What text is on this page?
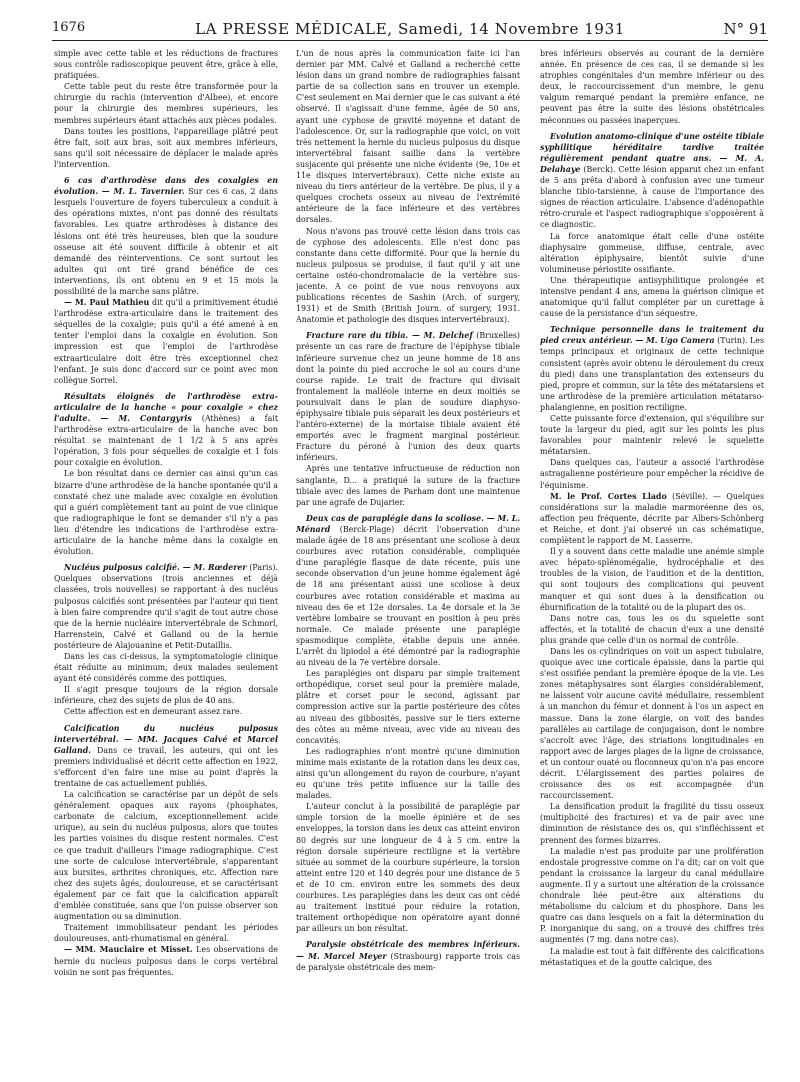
1676	LA PRESSE MÉDICALE, Samedi, 14 Novembre 1931	N° 91

simple avec cette table et les réductions de fractures sous contrôle radioscopique peuvent être, grâce à elle, pratiquées.

Cette table peut du reste être transformée pour la chirurgie du rachis (intervention d'Albee), et encore pour la chirurgie des membres supérieurs, les membres supérieurs étant attachés aux pièces podales.

Dans toutes les positions, l'appareillage plâtré peut être fait, soit aux bras, soit aux membres inférieurs, sans qu'il soit nécessaire de déplacer le malade après l'intervention.

6 cas d'arthrodèse dans des coxalgies en évolution. — M. L. Tavernier. Sur ces 6 cas, 2 dans lesquels l'ouverture de foyers tuberculeux a conduit à des opérations mixtes, n'ont pas donné des résultats favorables. Les quatre arthrodèses à distance des lésions ont été très heureuses, bien que la soudure osseuse ait été souvent difficile à obtenir et ait demandé des réinterventions. Ce sont surtout les adultes qui ont tiré grand bénéfice de ces interventions, ils ont obtenu en 9 et 15 mois la possibilité de la marche sans plâtre.

— M. Paul Mathieu dit qu'il a primitivement étudié l'arthrodèse extra-articulaire dans le traitement des séquelles de la coxalgie; puis qu'il a été amené à en tenter l'emploi dans la coxalgie en évolution. Son impression est que l'emploi de l'arthrodèse extraarticulaire doit être très exceptionnel chez l'enfant. Je suis donc d'accord sur ce point avec mon collègue Sorrel.

Résultats éloignés de l'arthrodèse extra-articulaire de la hanche « pour coxalgie » chez l'adulte. — M. Contargyris (Athènes) a fait l'arthrodèse extra-articulaire de la hanche avec bon résultat se maintenant de 1 1/2 à 5 ans après l'opération, 3 fois pour séquelles de coxalgie et 1 fois pour coxalgie en évolution.

Le bon résultat dans ce dernier cas ainsi qu'un cas bizarre d'une arthrodèse de la hanche spontanée qu'il a constaté chez une malade avec coxalgie en évolution qui a guéri complètement tant au point de vue clinique que radiographique le font se demander s'il n'y a pas lieu d'étendre les indications de l'arthrodèse extra-articulaire de la hanche même dans la coxalgie en évolution.

Nucléus pulposus calcifié. — M. Rœderer (Paris). Quelques observations (trois anciennes et déjà classées, trois nouvelles) se rapportant à des nucléus pulposus calcifiés sont présentées par l'auteur qui tient à bien faire comprendre qu'il s'agit de tout autre chose que de la hernie nucléaire intervertébrale de Schmorl, Harrenstein, Calvé et Galland ou de la hernie postérieure de Alajouanine et Petit-Dutaillis.

Dans les cas ci-dessus, la symptomatologie clinique était réduite au minimum, deux malades seulement ayant été considérés comme des pottiques.

Il s'agit presque toujours de la région dorsale inférieure, chez des sujets de plus de 40 ans.

Cette affection est en demeurant assez rare.

Calcification du nucléus pulposus intervertébral. — MM. Jacques Calvé et Marcel Galland. Dans ce travail, les auteurs, qui ont les premiers individualisé et décrit cette affection en 1922, s'efforcent d'en faire une mise au point d'après la trentaine de cas actuellement publiés.

La calcification se caractérise par un dépôt de sels généralement opaques aux rayons (phosphates, carbonate de calcium, exceptionnellement acide urique), au sein du nucléus pulposus, alors que toutes les parties voisines du disque restent normales. C'est ce que traduit d'ailleurs l'image radiographique. C'est une sorte de calculose intervertébrale, s'apparentant aux bursites, arthrites chroniques, etc. Affection rare chez des sujets âgés, douloureuse, et se caractérisant également par ce fait que la calcification apparaît d'emblée constituée, sans que l'on puisse observer son augmentation ou sa diminution.

Traitement immobilisateur pendant les périodes douloureuses, anti-rhumatismal en général.

— MM. Mauclaire et Misset. Les observations de hernie du nucleus pulposus dans le corps vertébral voisin ne sont pas fréquentes.

L'un de nous après la communication faite ici l'an dernier par MM. Calvé et Galland a recherché cette lésion dans un grand nombre de radiographies faisant partie de sa collection sans en trouver un exemple. C'est seulement en Mai dernier que le cas suivant a été observé. Il s'agissait d'une femme, âgée de 50 ans, ayant une cyphose de gravité moyenne et datant de l'adolescence. Or, sur la radiographie que voici, on voit très nettement la hernie du nucleus pulposus du disque intervertébral faisant saillie dans la vertèbre susjacente qui présente une niche évidente (9e, 10e et 11e disques intervertébraux). Cette niche existe au niveau du tiers antérieur de la vertèbre. De plus, il y a quelques crochets osseux au niveau de l'extrémité antérieure de la face inférieure et des vertèbres dorsales.

Nous n'avons pas trouvé cette lésion dans trois cas de cyphose des adolescents. Elle n'est donc pas constante dans cette difformité. Pour que la hernie du nucleus pulposus se produise, il faut qu'il y ait une certaine ostéo-chondromalacie de la vertèbre sus-jacente. A ce point de vue nous renvoyons aux publications récentes de Sashin (Arch. of surgery, 1931) et de Smith (British Journ. of surgery, 1931. Anatomie et pathologie des disques intervertébraux).

Fracture rare du tibia. — M. Delchef (Bruxelles) présente un cas rare de fracture de l'épiphyse tibiale inférieure survenue chez un jeune homme de 18 ans dont la pointe du pied accroche le sol au cours d'une course rapide. Le trait de fracture qui divisait frontalement la malléole interne en deux moitiés se poursuivait dans le plan de soudure diaphyso-épiphysaire tibiale puis séparait les deux postérieurs et l'antéro-externe) de la mortaise tibiale avaient été emportés avec le fragment marginal postérieur. Fracture du péroné à l'union des deux quarts inférieurs.

Après une tentative infructueuse de réduction non sanglante, D... a pratiqué la suture de la fracture tibiale avec des lames de Parham dont une maintenue par une agrafe de Dujarier.

Deux cas de paraplégie dans la scoliose. — M. L. Ménard (Berck-Plage) décrit l'observation d'une malade âgée de 18 ans présentant une scoliose à deux courbures avec rotation considérable, compliquée d'une paraplégie flasque de date récente, puis une seconde observation d'un jeune homme également âgé de 18 ans présentant aussi une scoliose à deux courbures avec rotation considérable et maxima au niveau des 6e et 12e dorsales. La 4e dorsale et la 3e vertèbre lombaire se trouvant en position à peu près normale. Ce malade présente une paraplégie spasmodique complète, établie depuis une année. L'arrêt du lipiodol a été démontré par la radiographie au niveau de la 7e vertèbre dorsale.

Les paraplégies ont disparu par simple traitement orthopédique, corset seul pour la première malade, plâtre et corset pour le second, agissant par compression active sur la partie postérieure des côtes au niveau des gibbosités, passive sur le tiers externe des côtes au même niveau, avec vide au niveau des concavités.

Les radiographies n'ont montré qu'une diminution minime mais existante de la rotation dans les deux cas, ainsi qu'un allongement du rayon de courbure, n'ayant eu qu'une très petite influence sur la taille des malades.

L'auteur conclut à la possibilité de paraplégie par simple torsion de la moelle épinière et de ses enveloppes, la torsion dans les deux cas atteint environ 80 degrés sur une longueur de 4 à 5 cm. entre la région dorsale supérieure rectiligne et la vertèbre située au sommet de la courbure supérieure, la torsion atteint entre 120 et 140 degrés pour une distance de 5 et de 10 cm. environ entre les sommets des deux courbures. Les paraplégies dans les deux cas ont cédé au traitement institué pour réduire la rotation, traitement orthopédique non opératoire ayant donné par ailleurs un bon résultat.

Paralysie obstétricale des membres inférieurs. — M. Marcel Meyer (Strasbourg) rapporte trois cas de paralysie obstétricale des mem-

bres inférieurs observés au courant de la dernière année. En présence de ces cas, il se demande si les atrophies congénitales d'un membre inférieur ou des deux, le raccourcissement d'un membre, le genu valgum remarqué pendant la première enfance, ne peuvent pas être la suite des lésions obstétricales méconnues ou passées inaperçues.

Evolution anatomo-clinique d'une ostéite tibiale syphilitique héréditaire tardive traitée régulièrement pendant quatre ans. — M. A. Delahaye (Berck). Cette lésion apparut chez un enfant de 5 ans prêta d'abord à confusion avec une tumeur blanche tibio-tarsienne, à cause de l'importance des signes de réaction articulaire. L'absence d'adénopathie rétro-crurale et l'aspect radiographique s'opposèrent à ce diagnostic.

La force anatomique était celle d'une ostéite diaphysaire gommeuse, diffuse, centrale, avec altération épiphysaire, bientôt suivie d'une volumineuse périostite ossifiante.

Une thérapeutique antisyphilitique prolongée et intensive pendant 4 ans, amena la guérison clinique et anatomique qu'il fallut compléter par un curettage à cause de la persistance d'un séquestre.

Technique personnelle dans le traitement du pied creux antérieur. — M. Ugo Camera (Turin). Les temps principaux et originaux de cette technique consistent (après avoir obtenu le déroulement du creux du pied) dans une transplantation des extenseurs du pied, propre et commun, sur la tête des métatarsiens et une arthrodèse de la première articulation métatarso-phalangienne, en position rectiligne.

Cette puissante force d'extension, qui s'équilibre sur toute la largeur du pied, agit sur les points les plus favorables pour maintenir relevé le squelette métatarsien.

Dans quelques cas, l'auteur a associé l'arthrodèse astragalienne postérieure pour empêcher la récidive de l'équinisme.

M. le Prof. Cortes Llado (Séville). — Quelques considérations sur la maladie marmoréenne des os, affection peu fréquente, décrite par Albers-Schönberg et Reiche, et dont j'ai observé un cas schématique, complètent le rapport de M. Lasserre.

Il y a souvent dans cette maladie une anémie simple avec hépato-splénomégalie, hydrocéphalie et des troubles de la vision, de l'audition et de la dentition, qui sont toujours des complications qui peuvent manquer et qui sont dues à la densification ou éburnification de la totalité ou de la plupart des os.

Dans notre cas, tous les os du squelette sont affectés, et la totalité de chacun d'eux a une densité plus grande que celle d'un os normal de contrôle.

Dans les os cylindriques on voit un aspect tubulaire, quoique avec une corticale épaissie, dans la partie qui s'est ossifiée pendant la première époque de la vie. Les zones métaphysaires sont élargies considérablement, ne laissent voir aucune cavité médullaire, ressemblent à un manchon du fémur et donnent à l'os un aspect en massue. Dans la zone élargie, on voit des bandes parallèles au cartilage de conjugaison, dont le nombre s'accroît avec l'âge, des striations longitudinales en rapport avec de larges plages de la ligne de croissance, et un contour ouaté ou floconneux qu'on n'a pas encore décrit. L'élargissement des parties polaires de croissance des os est accompagnée d'un raccourcissement.

La densification produit la fragilité du tissu osseux (multiplicité des fractures) et va de pair avec une diminution de résistance des os, qui s'infléchissent et prennent des formes bizarres.

La maladie n'est pas produite par une prolifération endostale progressive comme on l'a dit; car on voit que pendant la croissance la largeur du canal médullaire augmente. Il y a surtout une altération de la croissance chondrale liée peut-être aux altérations du métabolisme du calcium et du phosphore. Dans les quatre cas dans lesquels on a fait la détermination du P. inorganique du sang, on a trouvé des chiffres très augmentés (7 mg. dans notre cas).

La maladie est tout à fait différente des calcifications métastatiques et de la goutte calcique, des
